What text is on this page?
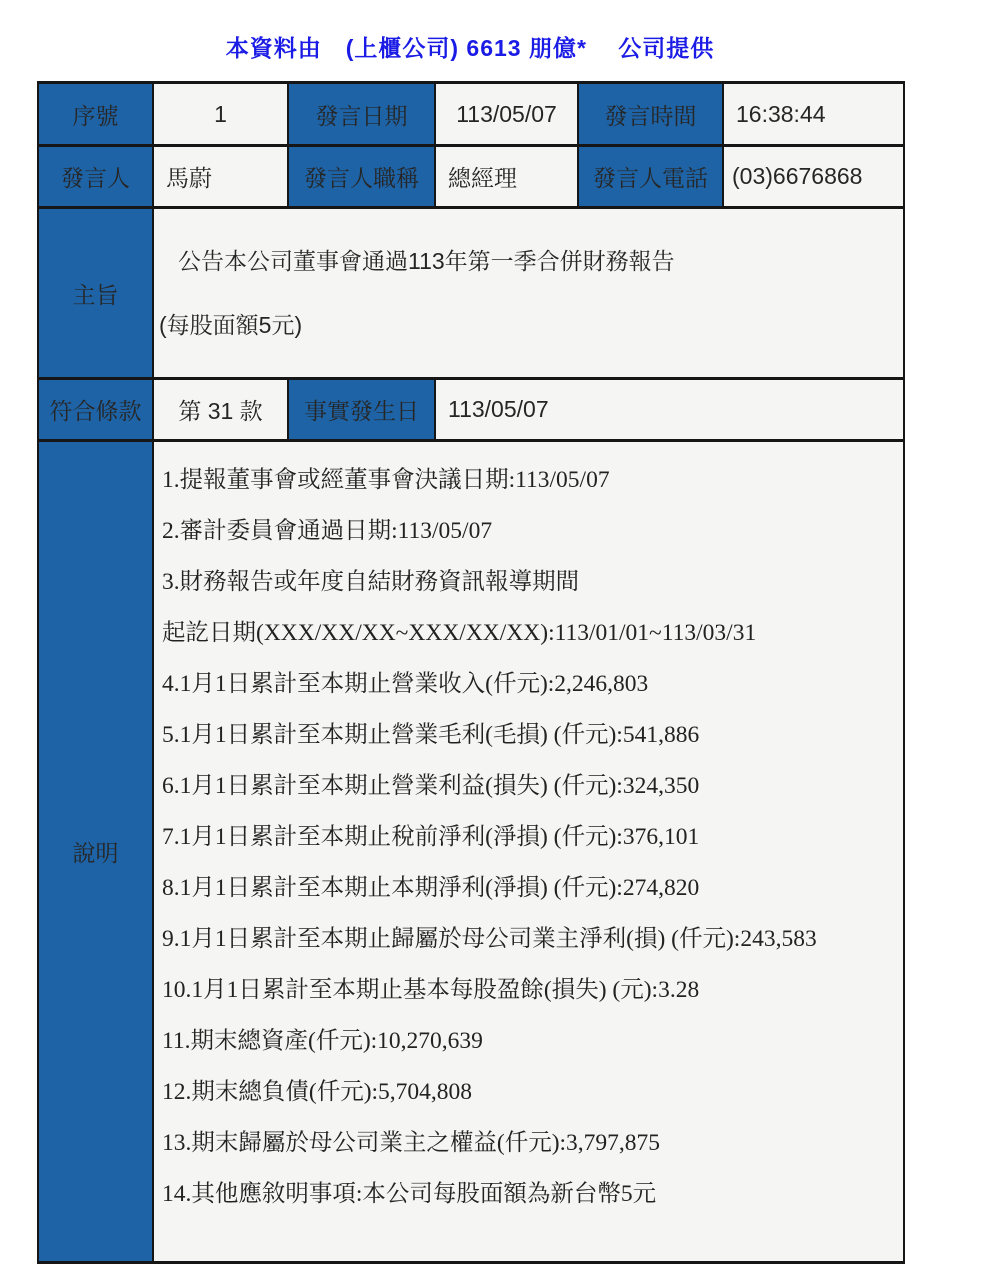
本資料由　(上櫃公司) 6613 朋億*　 公司提供
序號	1	發言日期	113/05/07	發言時間	16:38:44
發言人	馬蔚	發言人職稱	總經理	發言人電話	(03)6676868
主旨	公告本公司董事會通過113年第一季合併財務報告
(每股面額5元)				

符合條款	第 31 款	事實發生日	113/05/07		
說明	
1.提報董事會或經董事會決議日期:113/05/07
2.審計委員會通過日期:113/05/07
3.財務報告或年度自結財務資訊報導期間
起訖日期(XXX/XX/XX~XXX/XX/XX):113/01/01~113/03/31
4.1月1日累計至本期止營業收入(仟元):2,246,803
5.1月1日累計至本期止營業毛利(毛損) (仟元):541,886
6.1月1日累計至本期止營業利益(損失) (仟元):324,350
7.1月1日累計至本期止稅前淨利(淨損) (仟元):376,101
8.1月1日累計至本期止本期淨利(淨損) (仟元):274,820
9.1月1日累計至本期止歸屬於母公司業主淨利(損) (仟元):243,583
10.1月1日累計至本期止基本每股盈餘(損失) (元):3.28
11.期末總資產(仟元):10,270,639
12.期末總負債(仟元):5,704,808
13.期末歸屬於母公司業主之權益(仟元):3,797,875
14.其他應敘明事項:本公司每股面額為新台幣5元
